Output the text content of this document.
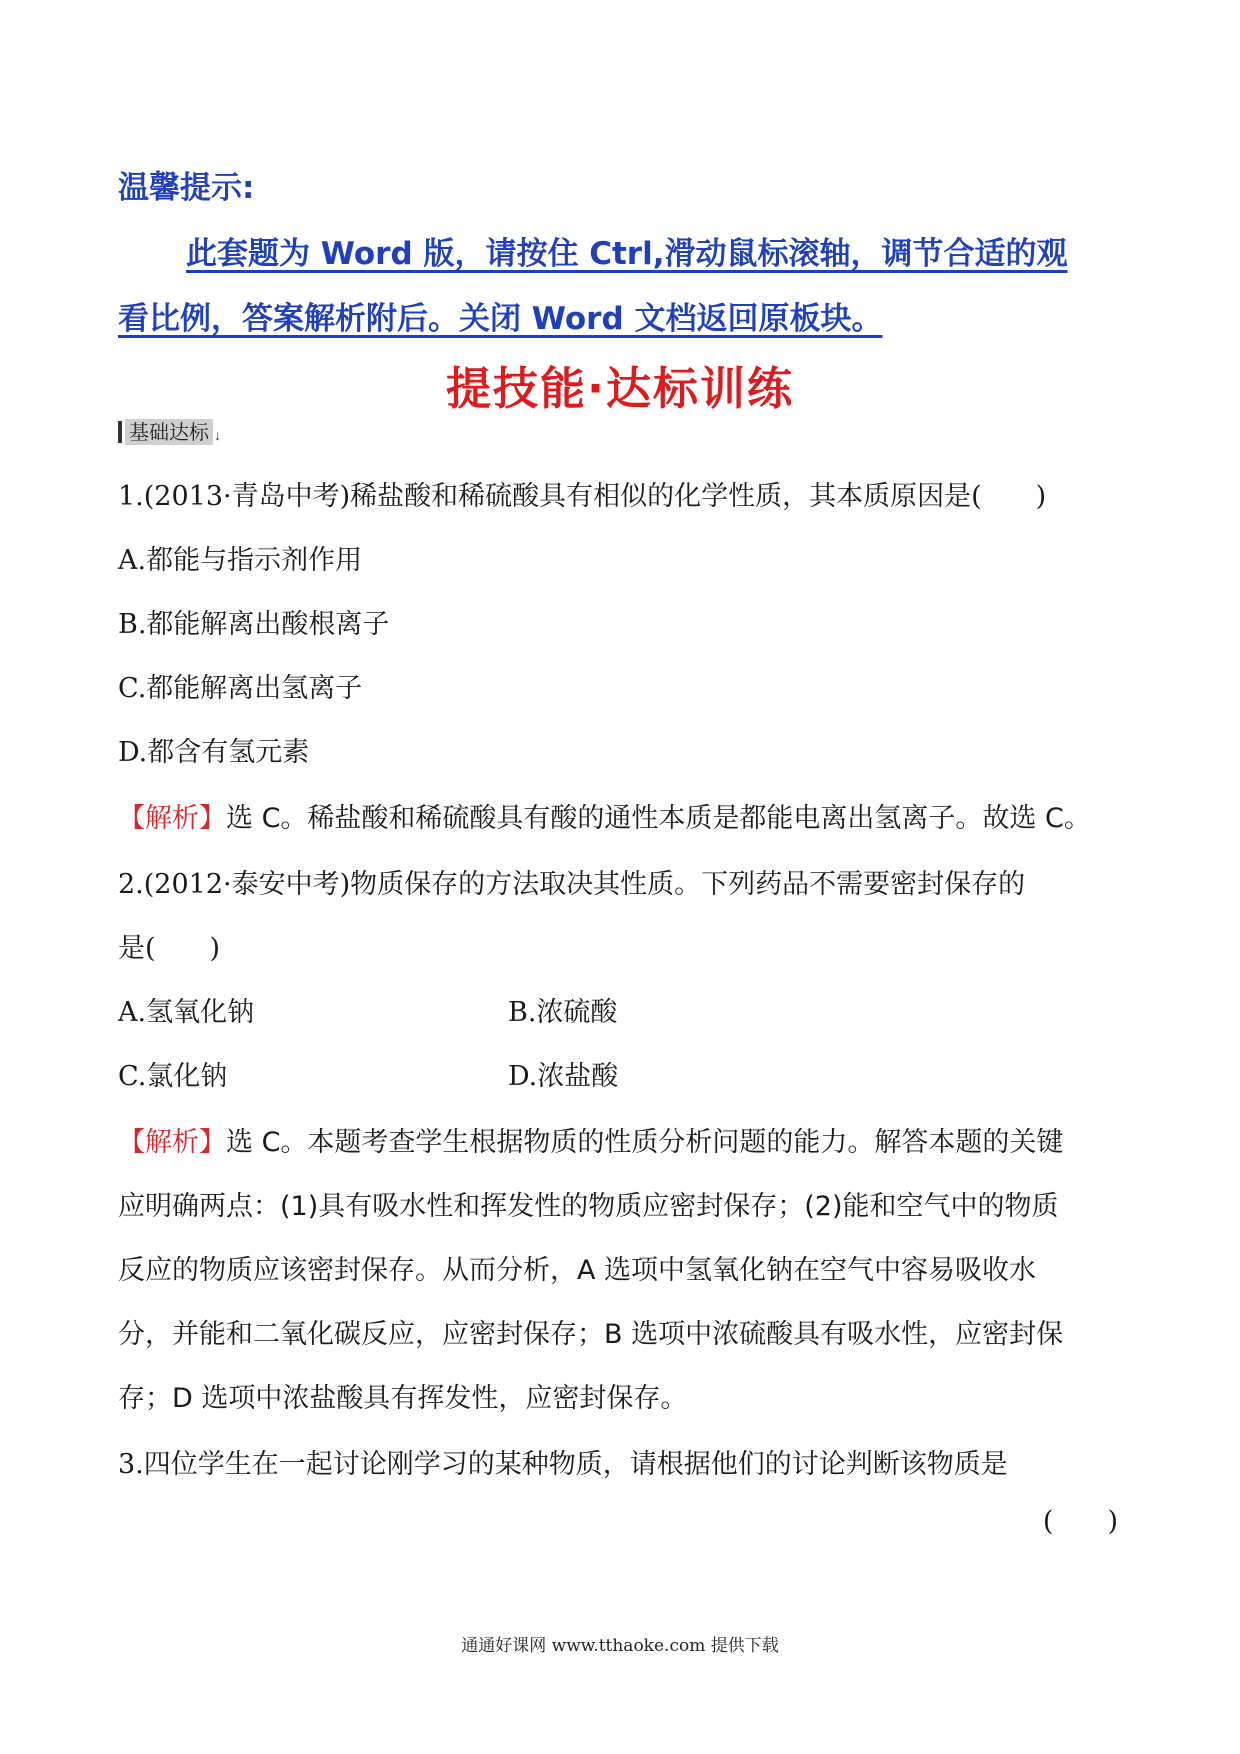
温馨提示:
此套题为 Word 版，请按住 Ctrl,滑动鼠标滚轴，调节合适的观
看比例，答案解析附后。关闭 Word 文档返回原板块。
提技能·达标训练
基础达标 ↓
1.(2013·青岛中考)稀盐酸和稀硫酸具有相似的化学性质，其本质原因是( )
A.都能与指示剂作用
B.都能解离出酸根离子
C.都能解离出氢离子
D.都含有氢元素
【解析】选 C。稀盐酸和稀硫酸具有酸的通性本质是都能电离出氢离子。故选 C。
2.(2012·泰安中考)物质保存的方法取决其性质。下列药品不需要密封保存的
是( )
A.氢氧化钠	B.浓硫酸
C.氯化钠	D.浓盐酸
【解析】选 C。本题考查学生根据物质的性质分析问题的能力。解答本题的关键
应明确两点：(1)具有吸水性和挥发性的物质应密封保存；(2)能和空气中的物质
反应的物质应该密封保存。从而分析，A 选项中氢氧化钠在空气中容易吸收水
分，并能和二氧化碳反应，应密封保存；B 选项中浓硫酸具有吸水性，应密封保
存；D 选项中浓盐酸具有挥发性，应密封保存。
3.四位学生在一起讨论刚学习的某种物质，请根据他们的讨论判断该物质是
( )
通通好课网 www.tthaoke.com 提供下载
